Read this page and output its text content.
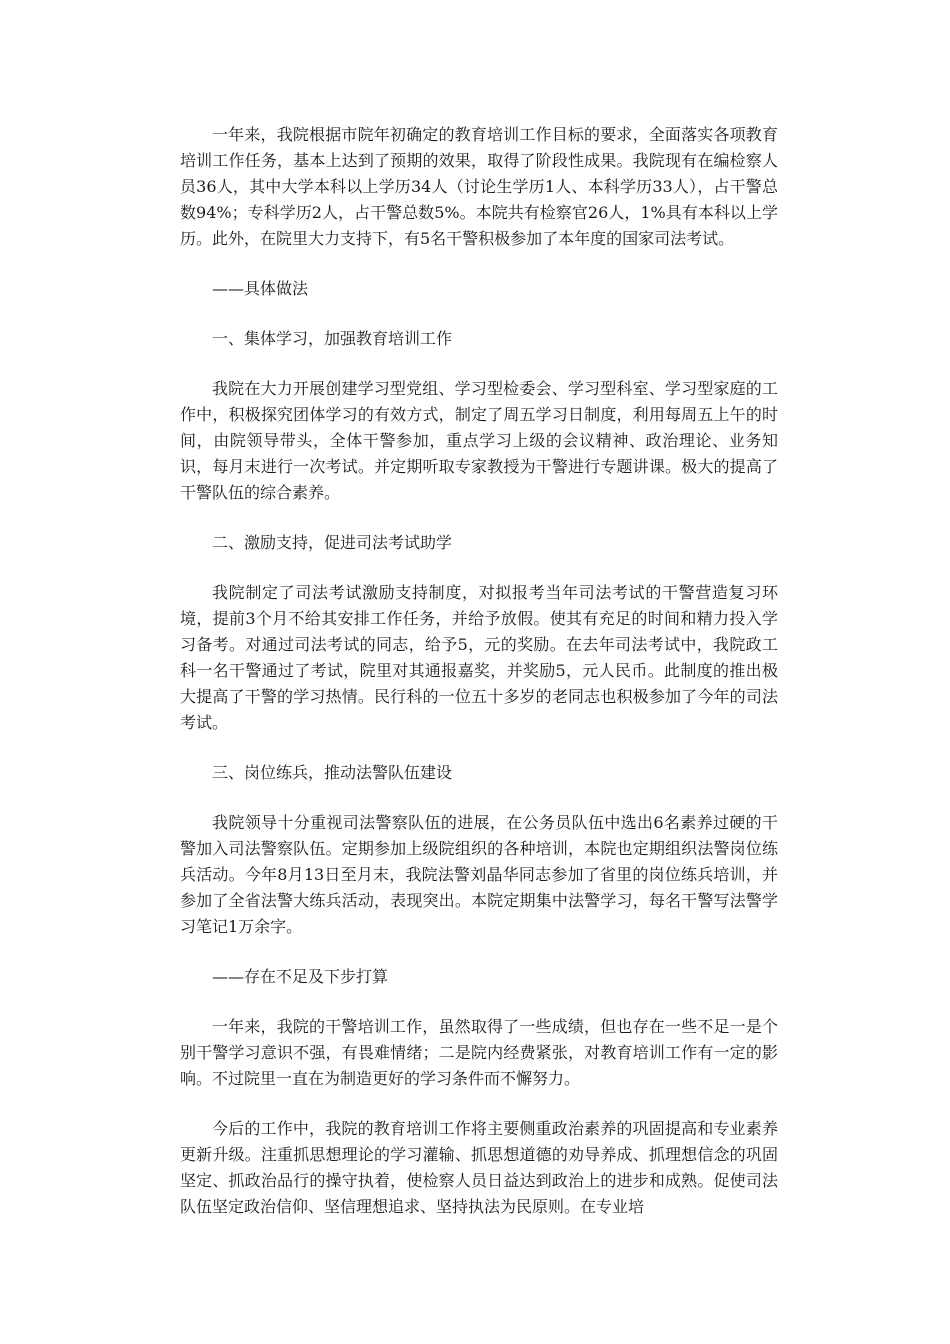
一年来，我院根据市院年初确定的教育培训工作目标的要求，全面落实各项教育培训工作任务，基本上达到了预期的效果，取得了阶段性成果。我院现有在编检察人员36人，其中大学本科以上学历34人（讨论生学历1人、本科学历33人），占干警总数94%；专科学历2人，占干警总数5%。本院共有检察官26人，1%具有本科以上学历。此外，在院里大力支持下，有5名干警积极参加了本年度的国家司法考试。

——具体做法

一、集体学习，加强教育培训工作

我院在大力开展创建学习型党组、学习型检委会、学习型科室、学习型家庭的工作中，积极探究团体学习的有效方式，制定了周五学习日制度，利用每周五上午的时间，由院领导带头，全体干警参加，重点学习上级的会议精神、政治理论、业务知识，每月末进行一次考试。并定期听取专家教授为干警进行专题讲课。极大的提高了干警队伍的综合素养。

二、激励支持，促进司法考试助学

我院制定了司法考试激励支持制度，对拟报考当年司法考试的干警营造复习环境，提前3个月不给其安排工作任务，并给予放假。使其有充足的时间和精力投入学习备考。对通过司法考试的同志，给予5，元的奖励。在去年司法考试中，我院政工科一名干警通过了考试，院里对其通报嘉奖，并奖励5，元人民币。此制度的推出极大提高了干警的学习热情。民行科的一位五十多岁的老同志也积极参加了今年的司法考试。

三、岗位练兵，推动法警队伍建设

我院领导十分重视司法警察队伍的进展，在公务员队伍中选出6名素养过硬的干警加入司法警察队伍。定期参加上级院组织的各种培训，本院也定期组织法警岗位练兵活动。今年8月13日至月末，我院法警刘晶华同志参加了省里的岗位练兵培训，并参加了全省法警大练兵活动，表现突出。本院定期集中法警学习，每名干警写法警学习笔记1万余字。

——存在不足及下步打算

一年来，我院的干警培训工作，虽然取得了一些成绩，但也存在一些不足一是个别干警学习意识不强，有畏难情绪；二是院内经费紧张，对教育培训工作有一定的影响。不过院里一直在为制造更好的学习条件而不懈努力。

今后的工作中，我院的教育培训工作将主要侧重政治素养的巩固提高和专业素养更新升级。注重抓思想理论的学习灌输、抓思想道德的劝导养成、抓理想信念的巩固坚定、抓政治品行的操守执着，使检察人员日益达到政治上的进步和成熟。促使司法队伍坚定政治信仰、坚信理想追求、坚持执法为民原则。在专业培
